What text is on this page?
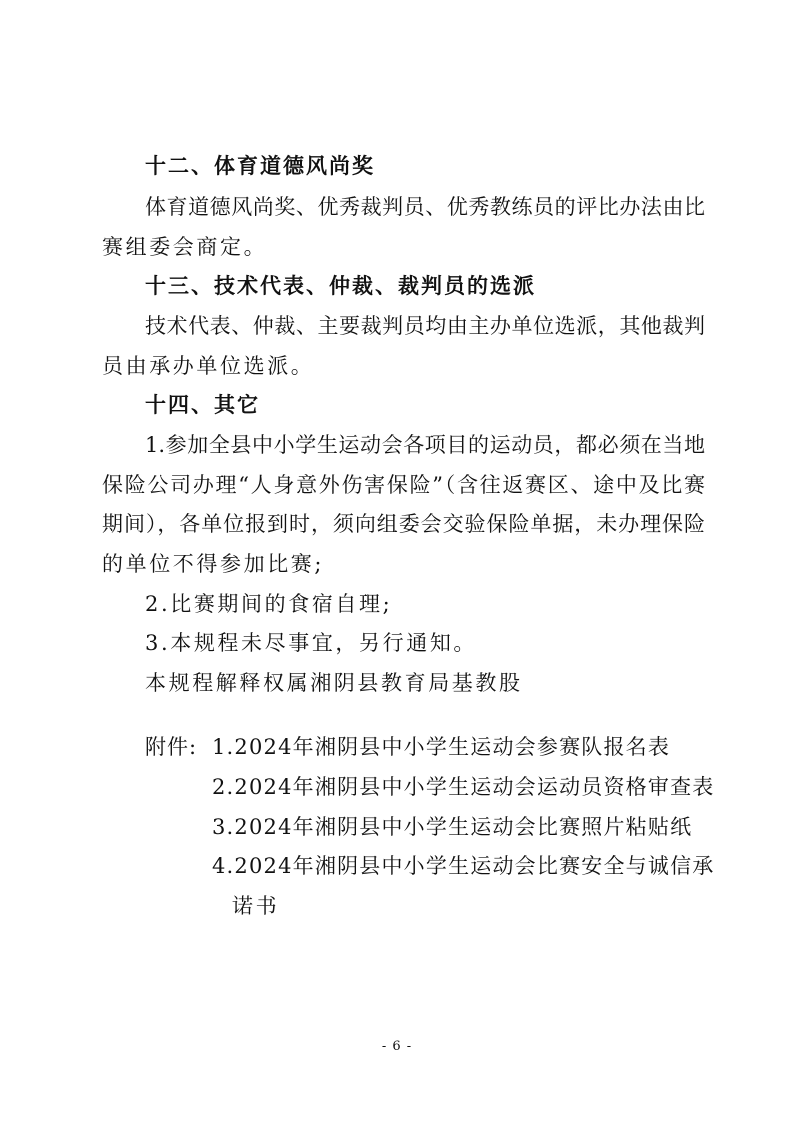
十二、体育道德风尚奖
体育道德风尚奖、优秀裁判员、优秀教练员的评比办法由比
赛组委会商定。
十三、技术代表、仲裁、裁判员的选派
技术代表、仲裁、主要裁判员均由主办单位选派，其他裁判
员由承办单位选派。
十四、其它
1.参加全县中小学生运动会各项目的运动员，都必须在当地
保险公司办理“人身意外伤害保险”（含往返赛区、途中及比赛
期间），各单位报到时，须向组委会交验保险单据，未办理保险
的单位不得参加比赛;
2.比赛期间的食宿自理;
3.本规程未尽事宜，另行通知。
本规程解释权属湘阴县教育局基教股
附件: 1.2024年湘阴县中小学生运动会参赛队报名表
2.2024年湘阴县中小学生运动会运动员资格审查表
3.2024年湘阴县中小学生运动会比赛照片粘贴纸
4.2024年湘阴县中小学生运动会比赛安全与诚信承
诺书
- 6 -
